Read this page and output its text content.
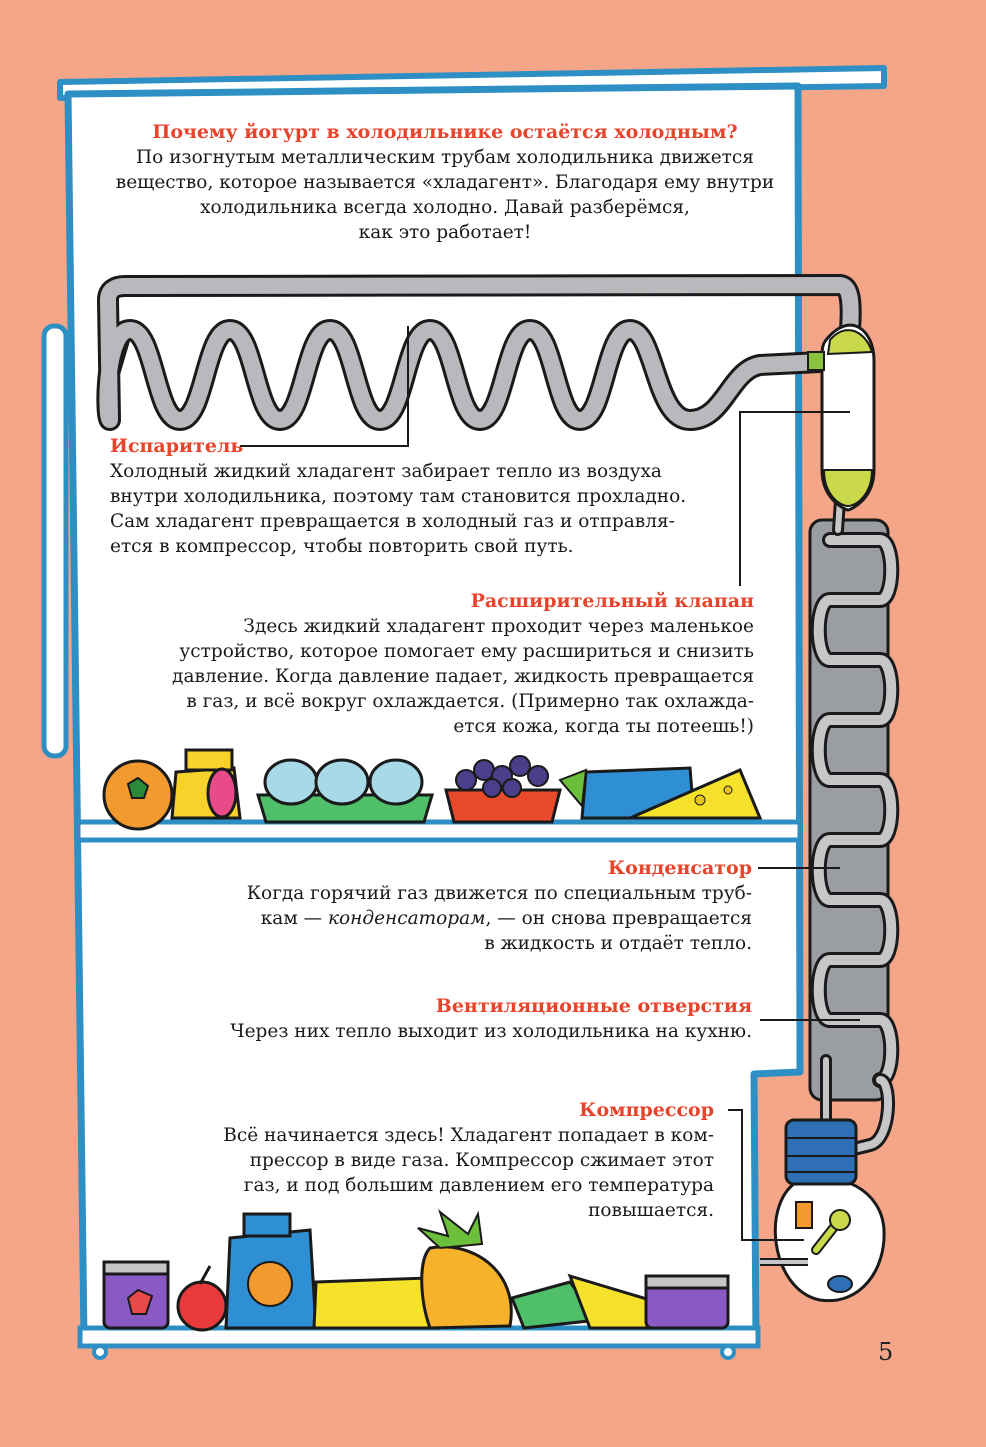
Почему йогурт в холодильнике остаётся холодным?

По изогнутым металлическим трубам холодильника движется

вещество, которое называется «хладагент». Благодаря ему внутри

холодильника всегда холодно. Давай разберёмся,

как это работает!

Испаритель

Холодный жидкий хладагент забирает тепло из воздуха

внутри холодильника, поэтому там становится прохладно.

Сам хладагент превращается в холодный газ и отправля-

ется в компрессор, чтобы повторить свой путь.

Расширительный клапан

Здесь жидкий хладагент проходит через маленькое

устройство, которое помогает ему расшириться и снизить

давление. Когда давление падает, жидкость превращается

в газ, и всё вокруг охлаждается. (Примерно так охлажда-

ется кожа, когда ты потеешь!)

Конденсатор

Когда горячий газ движется по специальным труб-

кам — конденсаторам, — он снова превращается

в жидкость и отдаёт тепло.

Вентиляционные отверстия

Через них тепло выходит из холодильника на кухню.

Компрессор

Всё начинается здесь! Хладагент попадает в ком-

прессор в виде газа. Компрессор сжимает этот

газ, и под большим давлением его температура

повышается.

5
